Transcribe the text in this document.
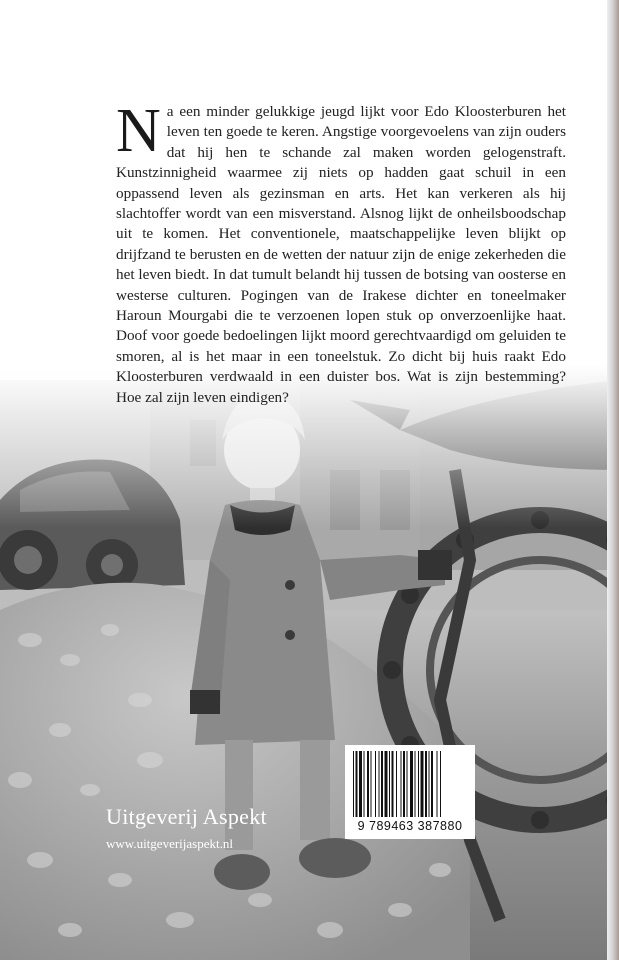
N a een minder gelukkige jeugd lijkt voor Edo Kloosterburen het leven ten goede te keren. Angstige voorgevoelens van zijn ouders dat hij hen te schande zal maken worden gelogenstraft. Kunstzinnigheid waarmee zij niets op hadden gaat schuil in een oppassend leven als gezinsman en arts. Het kan verkeren als hij slachtoffer wordt van een misverstand. Alsnog lijkt de onheilsboodschap uit te komen. Het conventionele, maatschappelijke leven blijkt op drijfzand te berusten en de wetten der natuur zijn de enige zekerheden die het leven biedt. In dat tumult belandt hij tussen de botsing van oosterse en westerse culturen. Pogingen van de Irakese dichter en toneelmaker Haroun Mourgabi die te verzoenen lopen stuk op onverzoenlijke haat. Doof voor goede bedoelingen lijkt moord gerechtvaardigd om geluiden te smoren, al is het maar in een toneelstuk. Zo dicht bij huis raakt Edo Kloosterburen verdwaald in een duister bos. Wat is zijn bestemming? Hoe zal zijn leven eindigen?
Uitgeverij Aspekt
www.uitgeverijaspekt.nl
9 789463 387880
